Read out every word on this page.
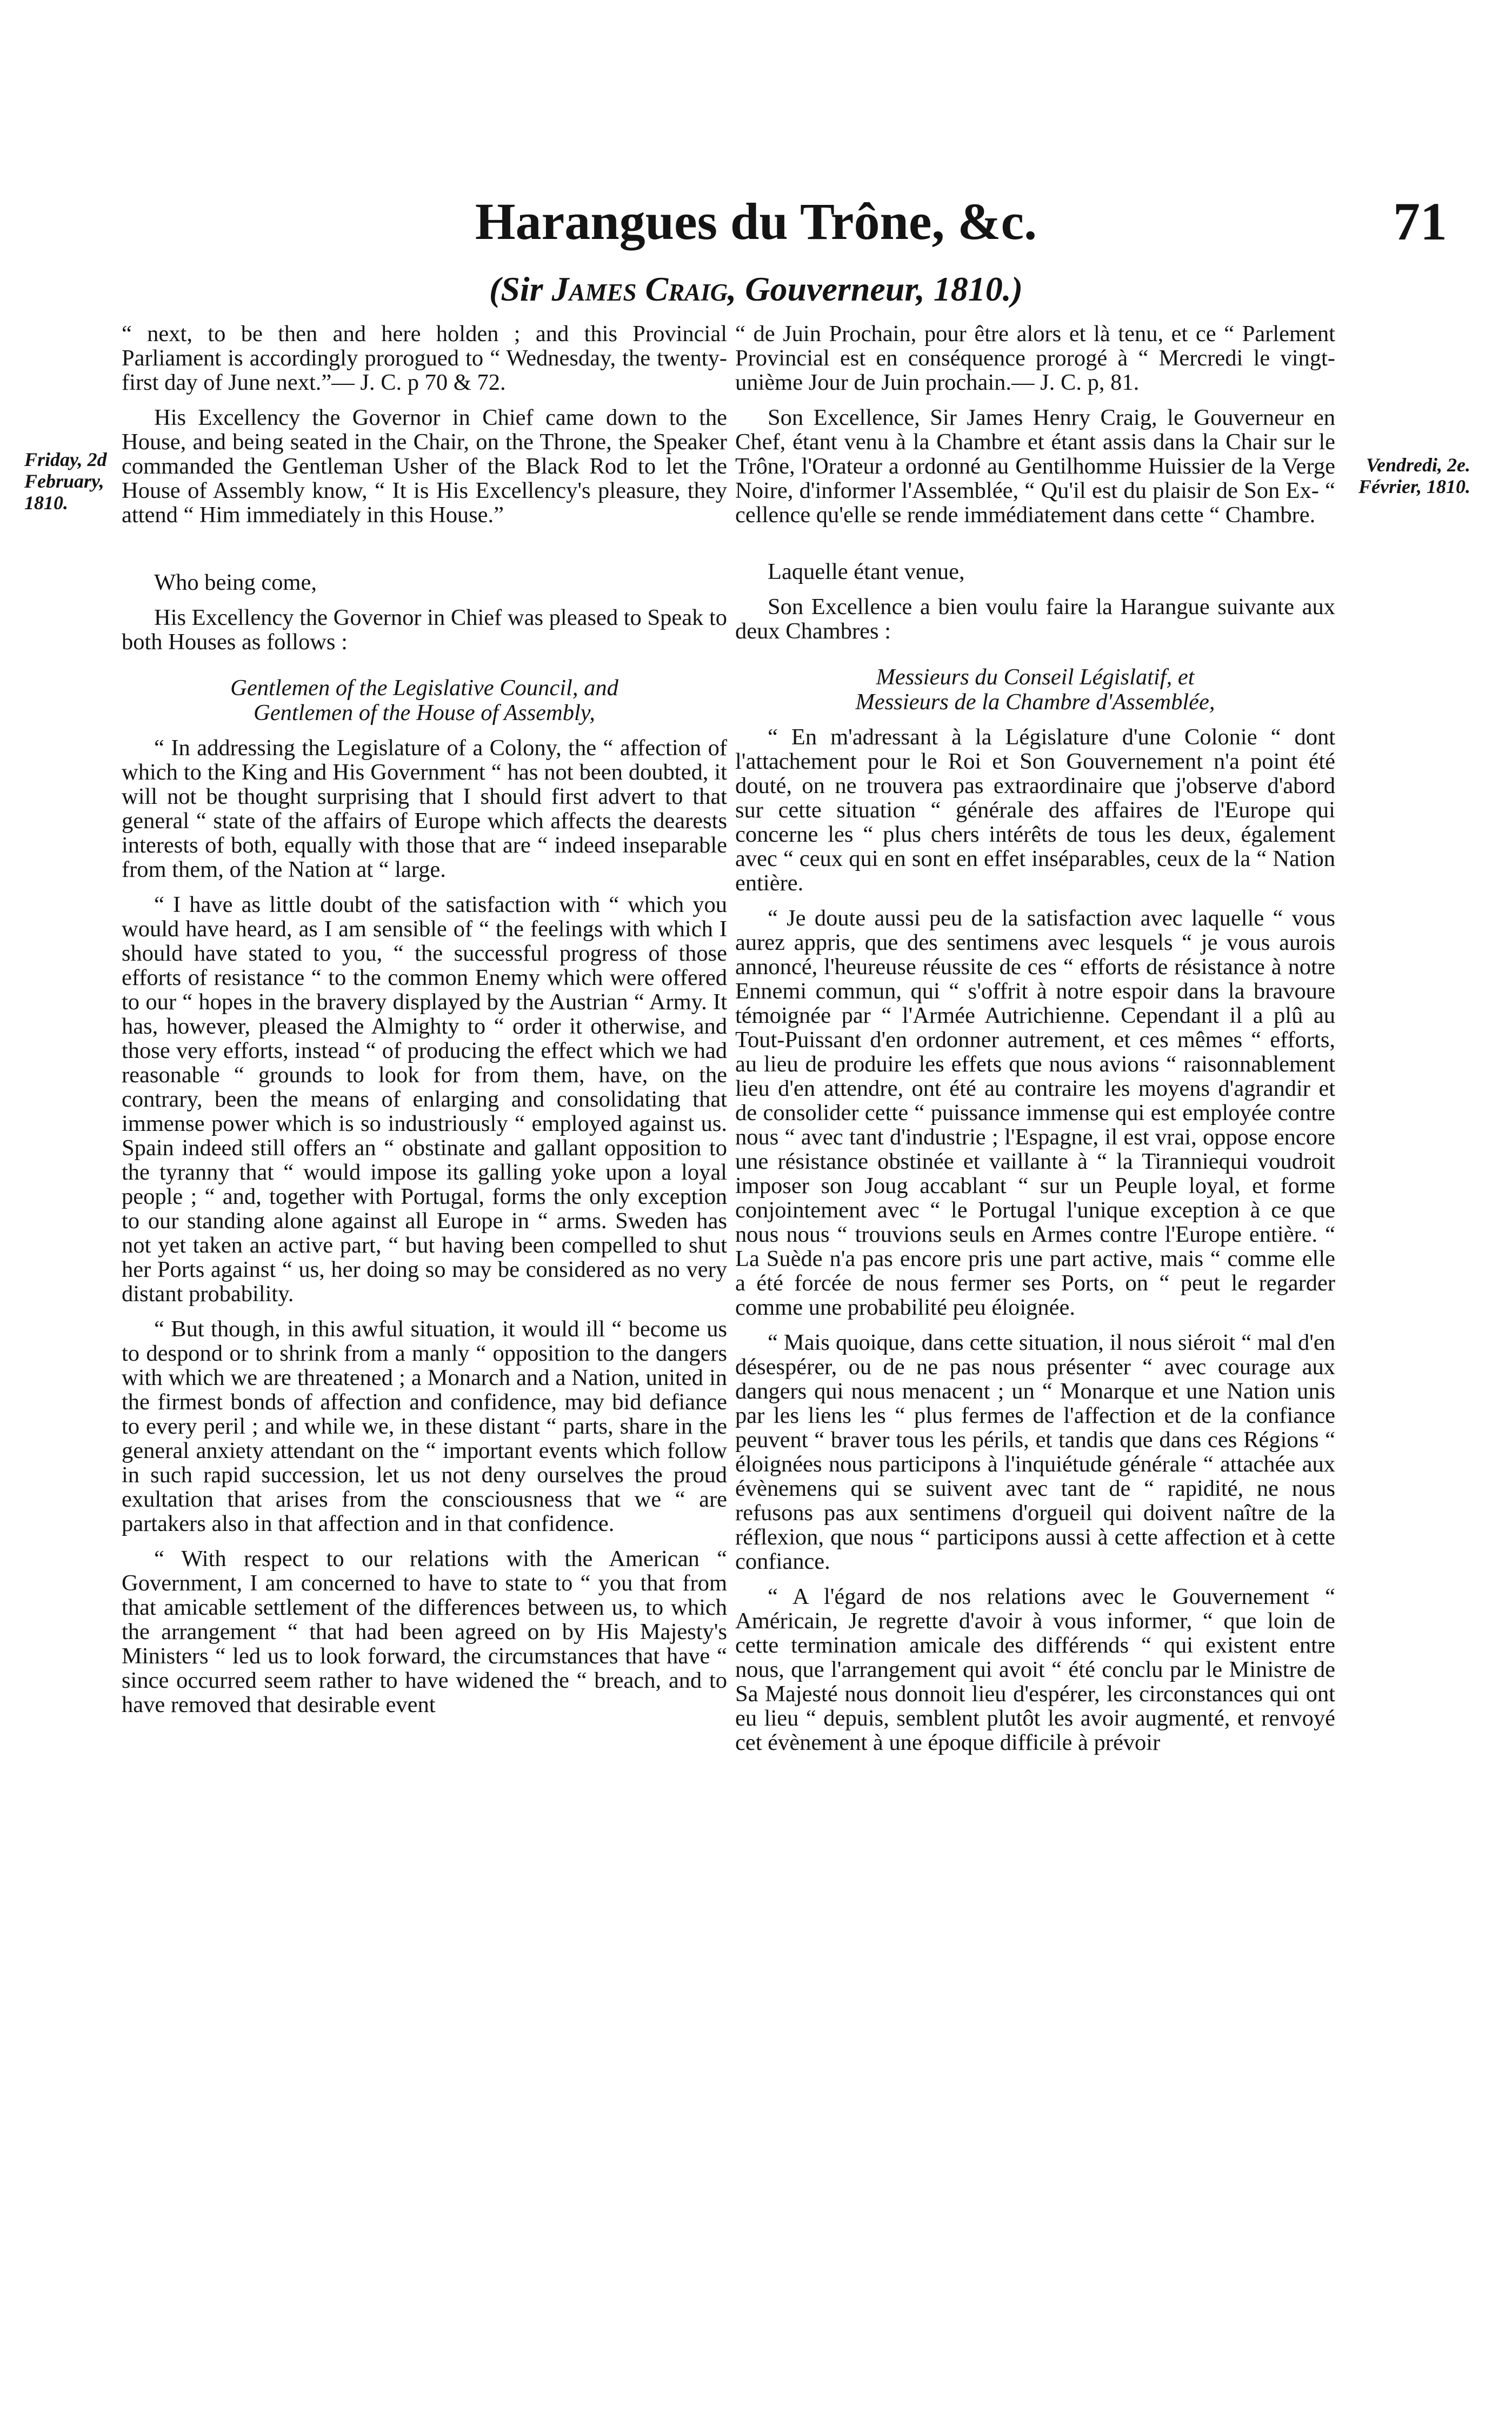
Harangues du Trône, &c.	71
(Sir James Craig, Gouverneur, 1810.)
Friday, 2d February, 1810.
Vendredi, 2e. Février, 1810.

“ next, to be then and here holden ; and this Provincial Parliament is accordingly prorogued to “ Wednesday, the twenty-first day of June next.”— J. C. p 70 & 72.

His Excellency the Governor in Chief came down to the House, and being seated in the Chair, on the Throne, the Speaker commanded the Gentleman Usher of the Black Rod to let the House of Assembly know, “ It is His Excellency's pleasure, they attend “ Him immediately in this House.”

Who being come,

His Excellency the Governor in Chief was pleased to Speak to both Houses as follows :

Gentlemen of the Legislative Council, and

Gentlemen of the House of Assembly,

“ In addressing the Legislature of a Colony, the “ affection of which to the King and His Government “ has not been doubted, it will not be thought surprising that I should first advert to that general “ state of the affairs of Europe which affects the dearests interests of both, equally with those that are “ indeed inseparable from them, of the Nation at “ large.

“ I have as little doubt of the satisfaction with “ which you would have heard, as I am sensible of “ the feelings with which I should have stated to you, “ the successful progress of those efforts of resistance “ to the common Enemy which were offered to our “ hopes in the bravery displayed by the Austrian “ Army. It has, however, pleased the Almighty to “ order it otherwise, and those very efforts, instead “ of producing the effect which we had reasonable “ grounds to look for from them, have, on the contrary, been the means of enlarging and consolidating that immense power which is so industriously “ employed against us. Spain indeed still offers an “ obstinate and gallant opposition to the tyranny that “ would impose its galling yoke upon a loyal people ; “ and, together with Portugal, forms the only exception to our standing alone against all Europe in “ arms. Sweden has not yet taken an active part, “ but having been compelled to shut her Ports against “ us, her doing so may be considered as no very distant probability.

“ But though, in this awful situation, it would ill “ become us to despond or to shrink from a manly “ opposition to the dangers with which we are threatened ; a Monarch and a Nation, united in the firmest bonds of affection and confidence, may bid defiance to every peril ; and while we, in these distant “ parts, share in the general anxiety attendant on the “ important events which follow in such rapid succession, let us not deny ourselves the proud exultation that arises from the consciousness that we “ are partakers also in that affection and in that confidence.

“ With respect to our relations with the American “ Government, I am concerned to have to state to “ you that from that amicable settlement of the differences between us, to which the arrangement “ that had been agreed on by His Majesty's Ministers “ led us to look forward, the circumstances that have “ since occurred seem rather to have widened the “ breach, and to have removed that desirable event

“ de Juin Prochain, pour être alors et là tenu, et ce “ Parlement Provincial est en conséquence prorogé à “ Mercredi le vingt-unième Jour de Juin prochain.— J. C. p, 81.

Son Excellence, Sir James Henry Craig, le Gouverneur en Chef, étant venu à la Chambre et étant assis dans la Chair sur le Trône, l'Orateur a ordonné au Gentilhomme Huissier de la Verge Noire, d'informer l'Assemblée, “ Qu'il est du plaisir de Son Ex- “ cellence qu'elle se rende immédiatement dans cette “ Chambre.

Laquelle étant venue,

Son Excellence a bien voulu faire la Harangue suivante aux deux Chambres :

Messieurs du Conseil Législatif, et

Messieurs de la Chambre d'Assemblée,

“ En m'adressant à la Législature d'une Colonie “ dont l'attachement pour le Roi et Son Gouvernement n'a point été douté, on ne trouvera pas extraordinaire que j'observe d'abord sur cette situation “ générale des affaires de l'Europe qui concerne les “ plus chers intérêts de tous les deux, également avec “ ceux qui en sont en effet inséparables, ceux de la “ Nation entière.

“ Je doute aussi peu de la satisfaction avec laquelle “ vous aurez appris, que des sentimens avec lesquels “ je vous aurois annoncé, l'heureuse réussite de ces “ efforts de résistance à notre Ennemi commun, qui “ s'offrit à notre espoir dans la bravoure témoignée par “ l'Armée Autrichienne. Cependant il a plû au Tout-Puissant d'en ordonner autrement, et ces mêmes “ efforts, au lieu de produire les effets que nous avions “ raisonnablement lieu d'en attendre, ont été au contraire les moyens d'agrandir et de consolider cette “ puissance immense qui est employée contre nous “ avec tant d'industrie ; l'Espagne, il est vrai, oppose encore une résistance obstinée et vaillante à “ la Tiranniequi voudroit imposer son Joug accablant “ sur un Peuple loyal, et forme conjointement avec “ le Portugal l'unique exception à ce que nous nous “ trouvions seuls en Armes contre l'Europe entière. “ La Suède n'a pas encore pris une part active, mais “ comme elle a été forcée de nous fermer ses Ports, on “ peut le regarder comme une probabilité peu éloignée.

“ Mais quoique, dans cette situation, il nous siéroit “ mal d'en désespérer, ou de ne pas nous présenter “ avec courage aux dangers qui nous menacent ; un “ Monarque et une Nation unis par les liens les “ plus fermes de l'affection et de la confiance peuvent “ braver tous les périls, et tandis que dans ces Régions “ éloignées nous participons à l'inquiétude générale “ attachée aux évènemens qui se suivent avec tant de “ rapidité, ne nous refusons pas aux sentimens d'orgueil qui doivent naître de la réflexion, que nous “ participons aussi à cette affection et à cette confiance.

“ A l'égard de nos relations avec le Gouvernement “ Américain, Je regrette d'avoir à vous informer, “ que loin de cette termination amicale des différends “ qui existent entre nous, que l'arrangement qui avoit “ été conclu par le Ministre de Sa Majesté nous donnoit lieu d'espérer, les circonstances qui ont eu lieu “ depuis, semblent plutôt les avoir augmenté, et renvoyé cet évènement à une époque difficile à prévoir
